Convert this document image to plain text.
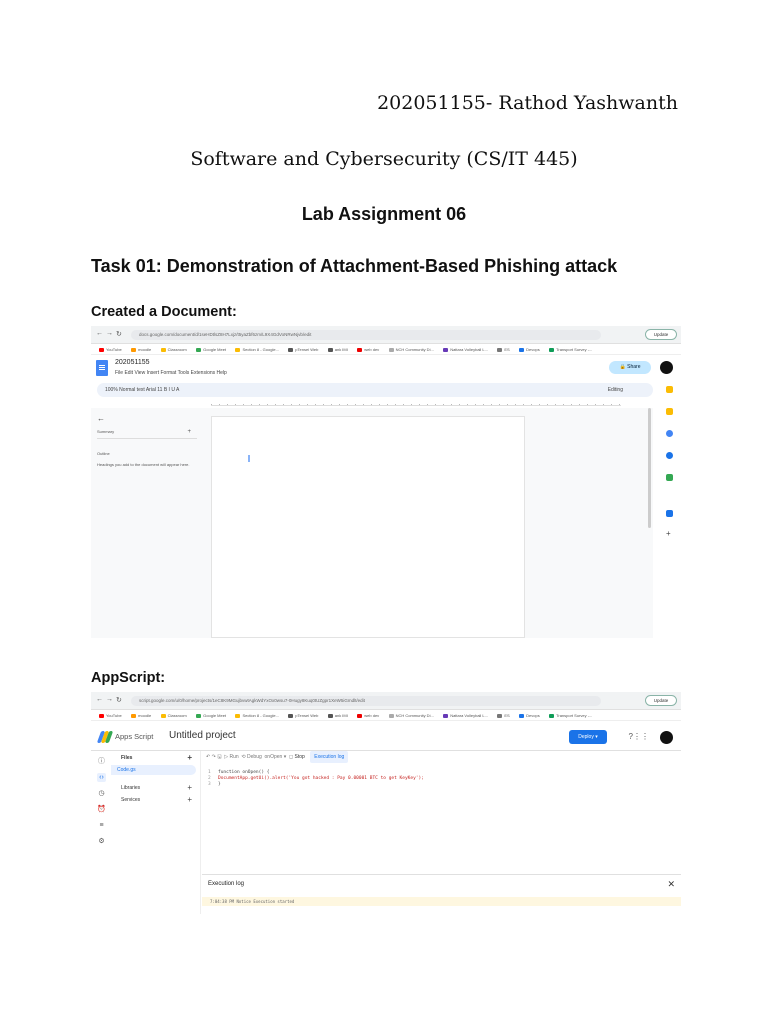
202051155- Rathod Yashwanth
Software and Cybersecurity (CS/IT 445)
Lab Assignment 06
Task 01: Demonstration of Attachment-Based Phishing attack
Created a Document:
← → ↻	docs.google.com/document/d/1seHDtlsZ8H7Lxjz/t5yaZbf6zm/L9X4GdVoNRwNjvb/edit	Update
YouTube	moodle	Classroom	Google Meet	Section 8 - Google...	pTensei Web	ank IMI	web dev	NCH Community Di...	Nattara Volleyball L...	ES	Devops	Transport Survey -...
202051155
File Edit View Insert Format Tools Extensions Help
🔒 Share
100% Normal text Arial 11 B I U A	Editing
←
Summary	+
Outline
Headings you add to the document will appear here.
+
AppScript:
← → ↻	script.google.com/u/0/home/projects/1eC8K9MGujbvwtAgkWdYxOx0wsu7-0Hugy8Kuq0tUZgpr1XeW5iGmdlt/edit	Update
YouTube	moodle	Classroom	Google Meet	Section 8 - Google...	pTensei Web	ank IMI	web dev	NCH Community Di...	Nattara Volleyball L...	ES	Devops	Transport Survey -...
Apps Script Untitled project	Deploy ▾	? ⋮⋮
ⓘ
‹›
◷
⏰
≡
⚙
Files	+
Code.gs
Libraries	+
Services	+
↶ ↷ 🖫  ▷ Run  ⟲ Debug onOpen ▾  ◻ Stop Execution log
1 function onOpen() {
2 DocumentApp.getUi().alert('You got hacked : Pay 0.00001 BTC to get KeyKey');
3 }
Execution log	✕
7:04:38 PM Notice Execution started
